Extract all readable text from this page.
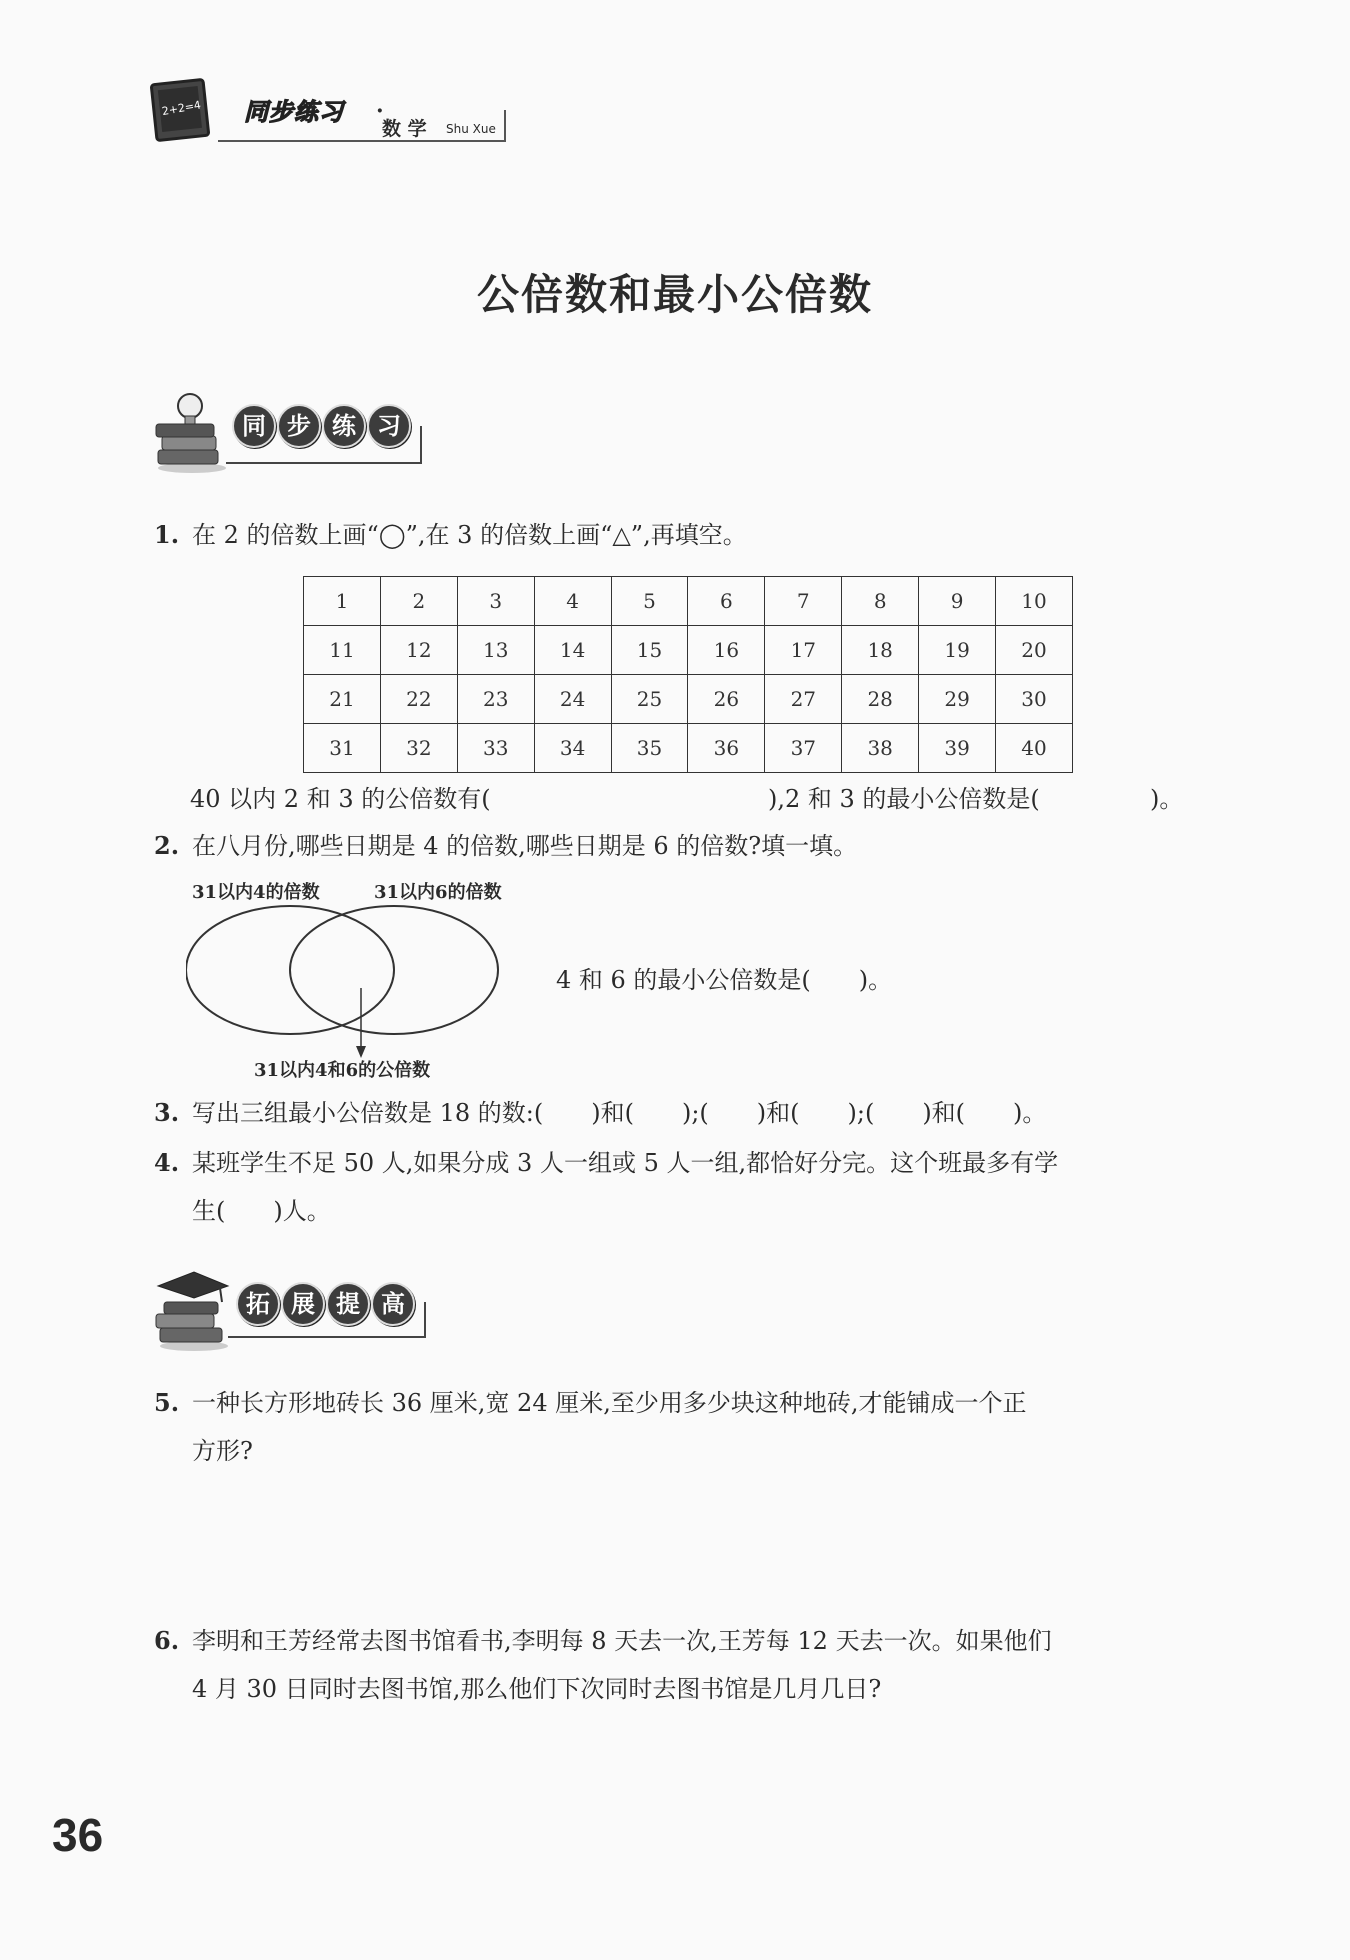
2+2=4 同步练习 ·
数 学 Shu Xue
公倍数和最小公倍数
同 步 练 习
1. 在 2 的倍数上画“◯”,在 3 的倍数上画“△”,再填空。
1	2	3	4	5	6	7	8	9	10
11	12	13	14	15	16	17	18	19	20
21	22	23	24	25	26	27	28	29	30
31	32	33	34	35	36	37	38	39	40
40 以内 2 和 3 的公倍数有(	),2 和 3 的最小公倍数是(	)。
2. 在八月份,哪些日期是 4 的倍数,哪些日期是 6 的倍数?填一填。
31以内4的倍数	31以内6的倍数
31以内4和6的公倍数
4 和 6 的最小公倍数是(　　)。
3. 写出三组最小公倍数是 18 的数:(　　)和(　　);(　　)和(　　);(　　)和(　　)。
4. 某班学生不足 50 人,如果分成 3 人一组或 5 人一组,都恰好分完。这个班最多有学
生(　　)人。
拓 展 提 高
5. 一种长方形地砖长 36 厘米,宽 24 厘米,至少用多少块这种地砖,才能铺成一个正
方形?
6. 李明和王芳经常去图书馆看书,李明每 8 天去一次,王芳每 12 天去一次。如果他们
4 月 30 日同时去图书馆,那么他们下次同时去图书馆是几月几日?
36
